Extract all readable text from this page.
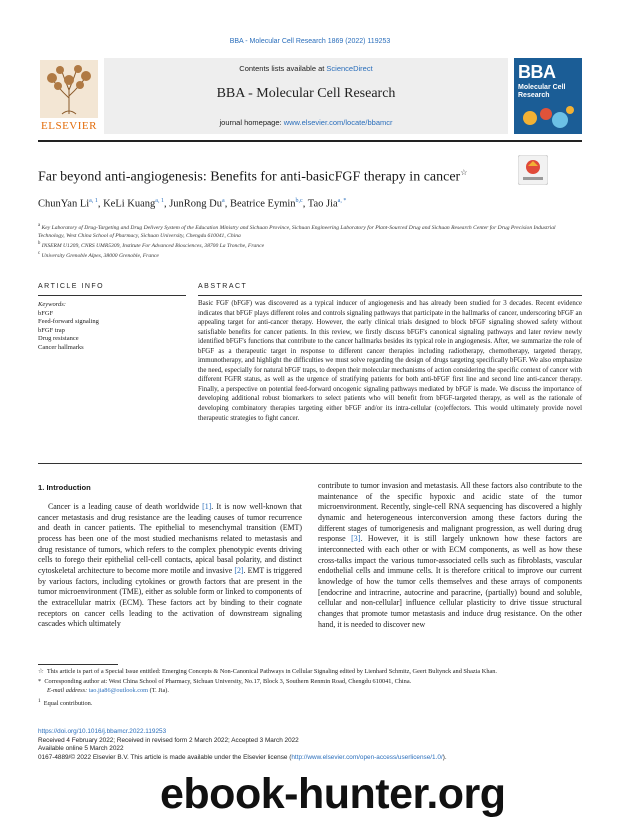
BBA - Molecular Cell Research 1869 (2022) 119253
ELSEVIER
Contents lists available at ScienceDirect
BBA - Molecular Cell Research
journal homepage: www.elsevier.com/locate/bbamcr
BBA
Molecular Cell Research
Far beyond anti-angiogenesis: Benefits for anti-basicFGF therapy in cancer☆
ChunYan Li$^{a, 1}$, KeLi Kuang$^{a, 1}$, JunRong Du$^a$, Beatrice Eymin$^{b,c}$, Tao Jia$^{a, *}$
$^a$ Key Laboratory of Drug-Targeting and Drug Delivery System of the Education Ministry and Sichuan Province, Sichuan Engineering Laboratory for Plant-Sourced Drug and Sichuan Research Center for Drug Precision Industrial Technology, West China School of Pharmacy, Sichuan University, Chengdu 610041, China
$^b$ INSERM U1209, CNRS UMR5309, Institute For Advanced Biosciences, 38700 La Tronche, France
$^c$ University Grenoble Alpes, 38000 Grenoble, France
ARTICLE INFO
Keywords:
bFGF
Feed-forward signaling
bFGF trap
Drug resistance
Cancer hallmarks
ABSTRACT
Basic FGF (bFGF) was discovered as a typical inducer of angiogenesis and has already been studied for 3 decades. Recent evidence indicates that bFGF plays different roles and controls signaling pathways that participate in the hallmarks of cancer, underscoring bFGF an appealing target for anti-cancer therapy. However, the early clinical trials designed to block bFGF signaling showed safety without satisfiable benefits for cancer patients. In this review, we firstly discuss bFGF's canonical signaling pathways and later review newly identified bFGF's functions that contribute to the cancer hallmarks besides its typical role in angiogenesis. After, we summarize the role of bFGF as a therapeutic target in response to different cancer therapies including radiotherapy, chemotherapy, targeted therapy, immunotherapy, and highlight the difficulties we must solve regarding the design of drugs targeting specifically bFGF. We also emphasize the need, especially for natural bFGF traps, to deepen their molecular mechanisms of action considering the specific context of cancer with different FGFR status, as well as the urgence of stratifying patients for both anti-bFGF first line and second line anti-cancer therapy. Finally, a perspective on potential feed-forward oncogenic signaling pathways mediated by bFGF is made. We discuss the importance of developing additional robust biomarkers to select patients who will benefit from bFGF-targeted therapy, as well as the rationale of developing combinatory therapies targeting either bFGF and/or its intra-cellular (co)effectors. This would ultimately provide novel therapeutic strategies to fight cancer.
1. Introduction
Cancer is a leading cause of death worldwide [1]. It is now well-known that cancer metastasis and drug resistance are the leading causes of tumor recurrence and death in cancer patients. The epithelial to mesenchymal transition (EMT) process has been one of the most studied mechanisms related to metastasis and drug resistance of tumors, which refers to the complex phenotypic events driving cells to forego their epithelial cell-cell contacts, apical basal polarity, and distinct cytoskeletal architecture to become more motile and invasive [2]. EMT is triggered by various factors, including cytokines or growth factors that are present in the tumor microenvironment (TME), either as soluble form or linked to components of the extracellular matrix (ECM). These factors act by binding to their cognate receptors on cancer cells leading to the activation of downstream signaling cascades which ultimately
contribute to tumor invasion and metastasis. All these factors also contribute to the maintenance of the specific hypoxic and acidic state of the tumor microenvironment. Recently, single-cell RNA sequencing has discovered a highly dynamic and heterogeneous interconversion among these factors during the different stages of tumorigenesis and malignant progression, as well during drug response [3]. However, it is still largely unknown how these factors are interconnected with each other or with ECM components, as well as how these cross-talks impact the various tumor-associated cells such as fibroblasts, vascular endothelial cells and immune cells. It is therefore critical to improve our current knowledge of how the tumor cells themselves and these arrays of components [endocrine and intracrine, autocrine and paracrine, (partially) bound and soluble, cellular and non-cellular] influence cellular plasticity to drive tissue structural changes that promote tumor metastasis and induce drug resistance. On the other hand, it is needed to discover new
☆ This article is part of a Special Issue entitled: Emerging Concepts & Non-Canonical Pathways in Cellular Signaling edited by Lienhard Schmitz, Geert Bultynck and Shazia Khan.
* Corresponding author at: West China School of Pharmacy, Sichuan University, No.17, Block 3, Southern Renmin Road, Chengdu 610041, China.
E-mail address: tao.jia86@outlook.com (T. Jia).
$^1$ Equal contribution.
https://doi.org/10.1016/j.bbamcr.2022.119253
Received 4 February 2022; Received in revised form 2 March 2022; Accepted 3 March 2022
Available online 5 March 2022
0167-4889/© 2022 Elsevier B.V. This article is made available under the Elsevier license (http://www.elsevier.com/open-access/userlicense/1.0/).
ebook-hunter.org
